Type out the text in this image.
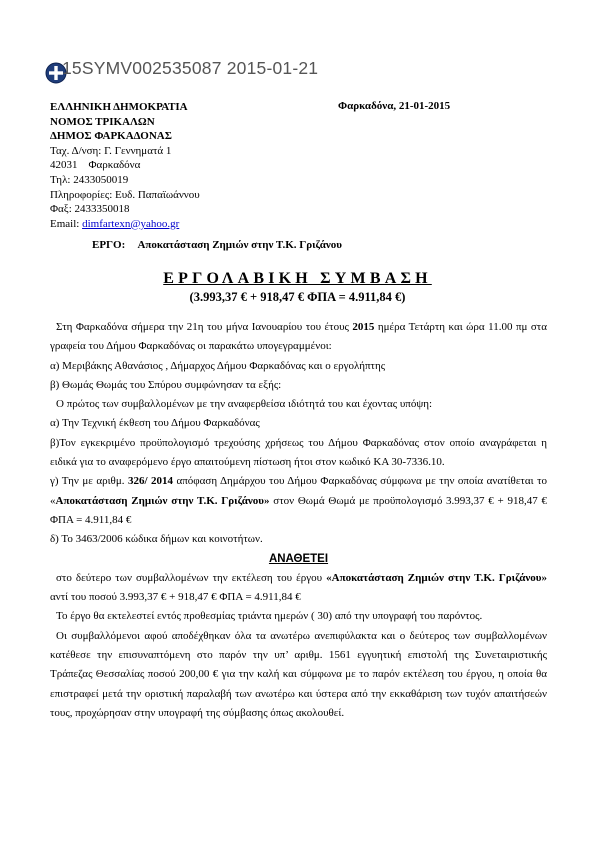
15SYMV002535087 2015-01-21
ΕΛΛΗΝΙΚΗ ΔΗΜΟΚΡΑΤΙΑ
ΝΟΜΟΣ ΤΡΙΚΑΛΩΝ
ΔΗΜΟΣ ΦΑΡΚΑΔΟΝΑΣ
Ταχ. Δ/νση: Γ. Γεννηματά 1
42031    Φαρκαδόνα
Τηλ: 2433050019
Πληροφορίες: Ευδ. Παπαϊωάννου
Φαξ: 2433350018
Email: dimfartexn@yahoo.gr
Φαρκαδόνα, 21-01-2015
ΕΡΓΟ: Αποκατάσταση Ζημιών στην Τ.Κ. Γριζάνου
ΕΡΓΟΛΑΒΙΚΗ ΣΥΜΒΑΣΗ
(3.993,37 € + 918,47 € ΦΠΑ = 4.911,84 €)

Στη Φαρκαδόνα σήμερα την 21η του μήνα Ιανουαρίου του έτους 2015 ημέρα Τετάρτη και ώρα 11.00 πμ στα γραφεία του Δήμου Φαρκαδόνας οι παρακάτω υπογεγραμμένοι:

α) Μεριβάκης Αθανάσιος , Δήμαρχος Δήμου Φαρκαδόνας και ο εργολήπτης

β) Θωμάς Θωμάς του Σπύρου συμφώνησαν τα εξής:

Ο πρώτος των συμβαλλομένων με την αναφερθείσα ιδιότητά του και έχοντας υπόψη:

α) Την Τεχνική έκθεση του Δήμου Φαρκαδόνας

β)Τον εγκεκριμένο προϋπολογισμό τρεχούσης χρήσεως του Δήμου Φαρκαδόνας στον οποίο αναγράφεται η ειδικά για το αναφερόμενο έργο απαιτούμενη πίστωση ήτοι στον κωδικό ΚΑ 30-7336.10.

γ) Την με αριθμ. 326/ 2014 απόφαση Δημάρχου του Δήμου Φαρκαδόνας σύμφωνα με την οποία ανατίθεται το «Αποκατάσταση Ζημιών στην Τ.Κ. Γριζάνου» στον Θωμά Θωμά με προϋπολογισμό 3.993,37 € + 918,47 € ΦΠΑ = 4.911,84 €

δ) Το 3463/2006 κώδικα δήμων και κοινοτήτων.

ΑΝΑΘΕΤΕΙ

στο δεύτερο των συμβαλλομένων την εκτέλεση του έργου «Αποκατάσταση Ζημιών στην Τ.Κ. Γριζάνου» αντί του ποσού 3.993,37 € + 918,47 € ΦΠΑ = 4.911,84 €

Το έργο θα εκτελεστεί εντός προθεσμίας τριάντα ημερών ( 30) από την υπογραφή του παρόντος.

Οι συμβαλλόμενοι αφού αποδέχθηκαν όλα τα ανωτέρω ανεπιφύλακτα και ο δεύτερος των συμβαλλομένων κατέθεσε την επισυναπτόμενη στο παρόν την υπ’ αριθμ. 1561 εγγυητική επιστολή της Συνεταιριστικής Τράπεζας Θεσσαλίας ποσού 200,00 € για την καλή και σύμφωνα με το παρόν εκτέλεση του έργου, η οποία θα επιστραφεί μετά την οριστική παραλαβή των ανωτέρω και ύστερα από την εκκαθάριση των τυχόν απαιτήσεών τους, προχώρησαν στην υπογραφή της σύμβασης όπως ακολουθεί.
